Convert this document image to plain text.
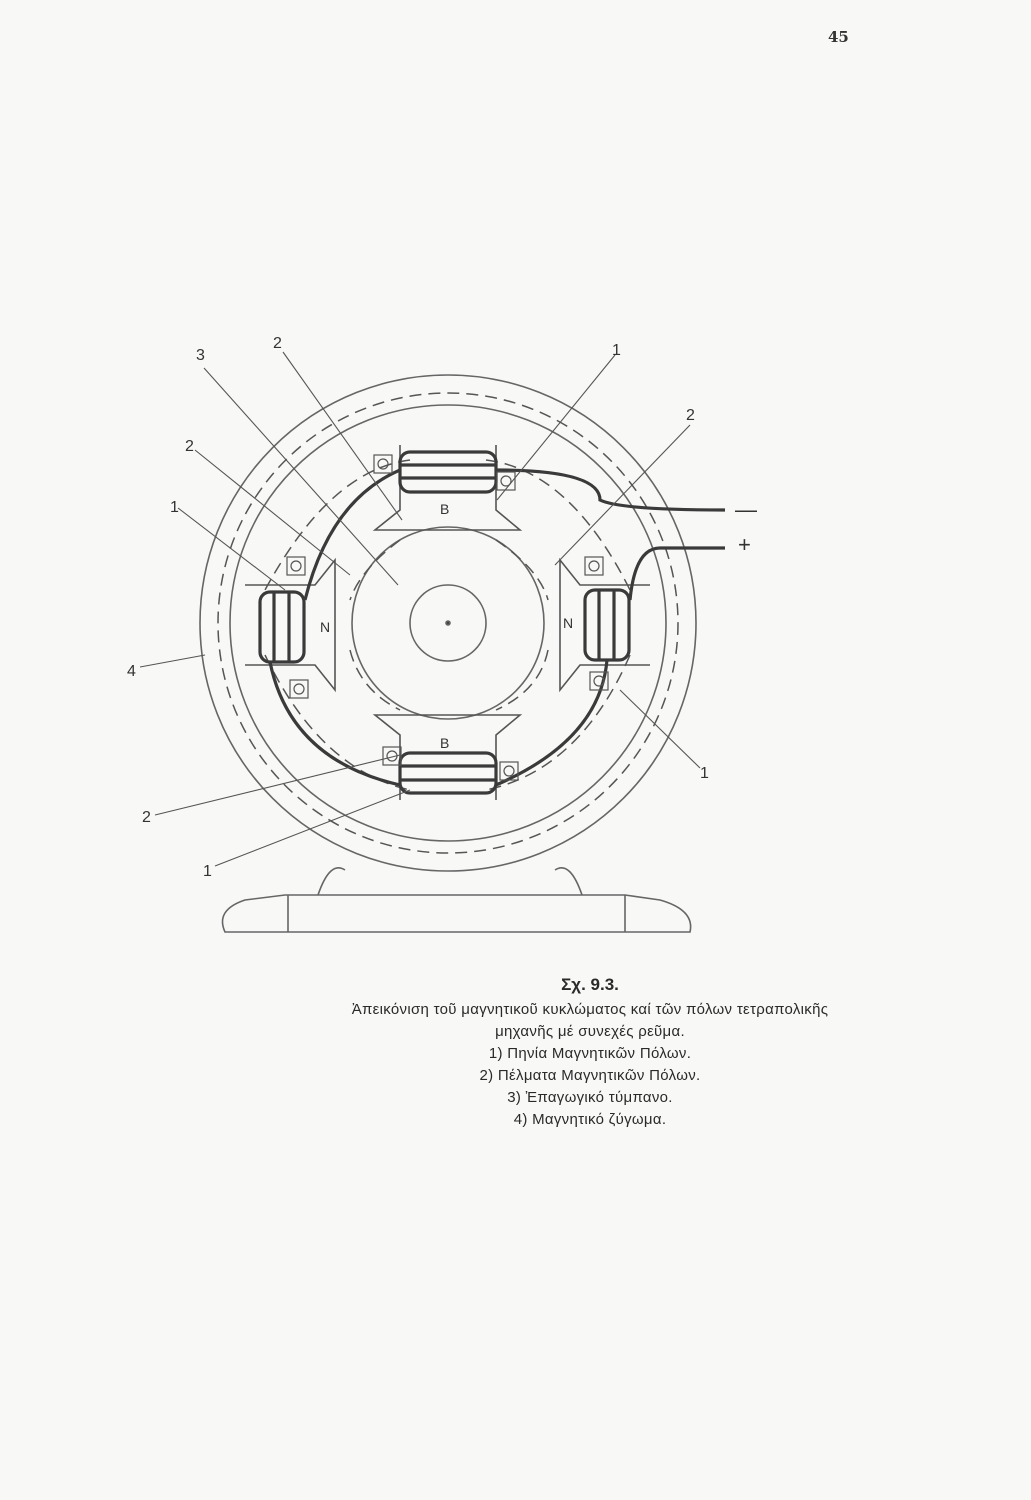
45
B
B
N	N
—
+
3
2	1
2
2
1
4
1
2
1
Σχ. 9.3.
Ἀπεικόνιση τοῦ μαγνητικοῦ κυκλώματος καί τῶν πόλων τετραπολικῆς
μηχανῆς μέ συνεχές ρεῦμα.
1) Πηνία Μαγνητικῶν Πόλων.
2) Πέλματα Μαγνητικῶν Πόλων.
3) Ἐπαγωγικό τύμπανο.
4) Μαγνητικό ζύγωμα.
